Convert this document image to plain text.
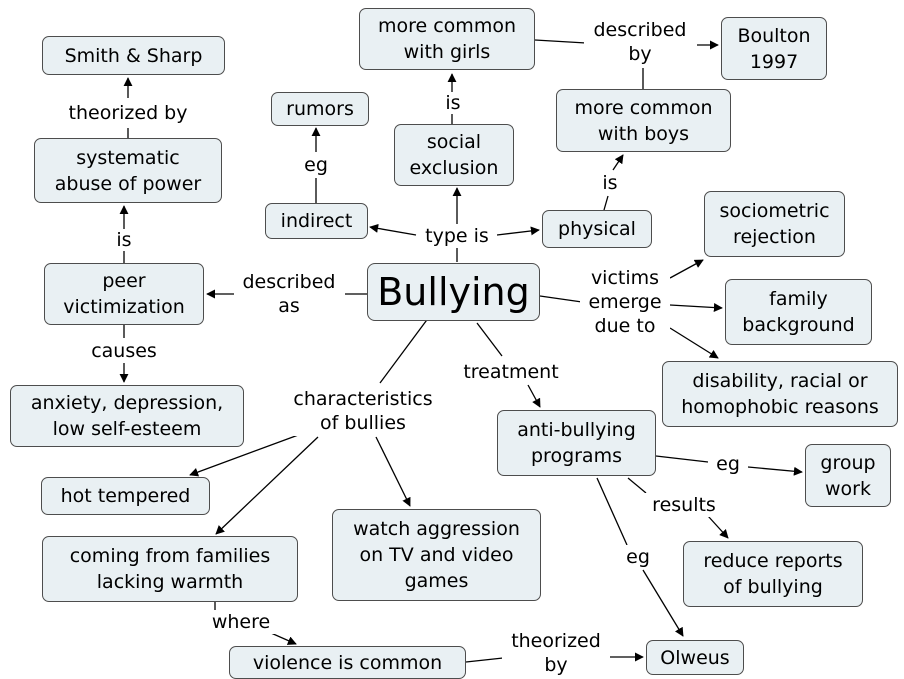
theorized by
is
described
as
causes
eg
type is
is
described
by
is
victims
emerge
due to
treatment
characteristics
of bullies
eg
results
eg
where
theorized
by
Bullying
Smith & Sharp
systematic
abuse of power
peer
victimization
anxiety, depression,
low self-esteem
rumors
indirect
more common
with girls
social
exclusion
Boulton
1997
more common
with boys
physical
sociometric
rejection
family
background
disability, racial or
homophobic reasons
anti-bullying
programs	group
work
reduce reports
of bullying
hot tempered
coming from families
lacking warmth
watch aggression
on TV and video
games
violence is common	Olweus
